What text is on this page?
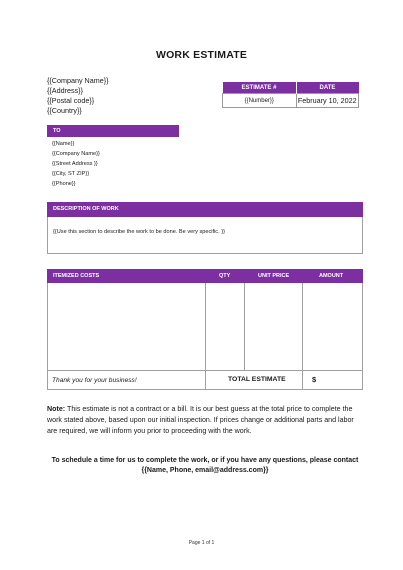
WORK ESTIMATE
{{Company Name}}
{{Address}}
{{Postal code}}
{{Country}}
ESTIMATE #	DATE
{{Number}}	February 10, 2022
TO
{{Name}}
{{Company Name}}
{{Street Address }}
{{City, ST ZIP}}
{{Phone}}
DESCRIPTION OF WORK
{{Use this section to describe the work to be done. Be very specific. }}
ITEMIZED COSTS	QTY	UNIT PRICE	AMOUNT
Thank you for your business!	TOTAL ESTIMATE	$
Note: This estimate is not a contract or a bill. It is our best guess at the total price to complete the work stated above, based upon our initial inspection. If prices change or additional parts and labor are required, we will inform you prior to proceeding with the work.
To schedule a time for us to complete the work, or if you have any questions, please contact
{{Name, Phone, email@address.com}}
Page 1 of 1
